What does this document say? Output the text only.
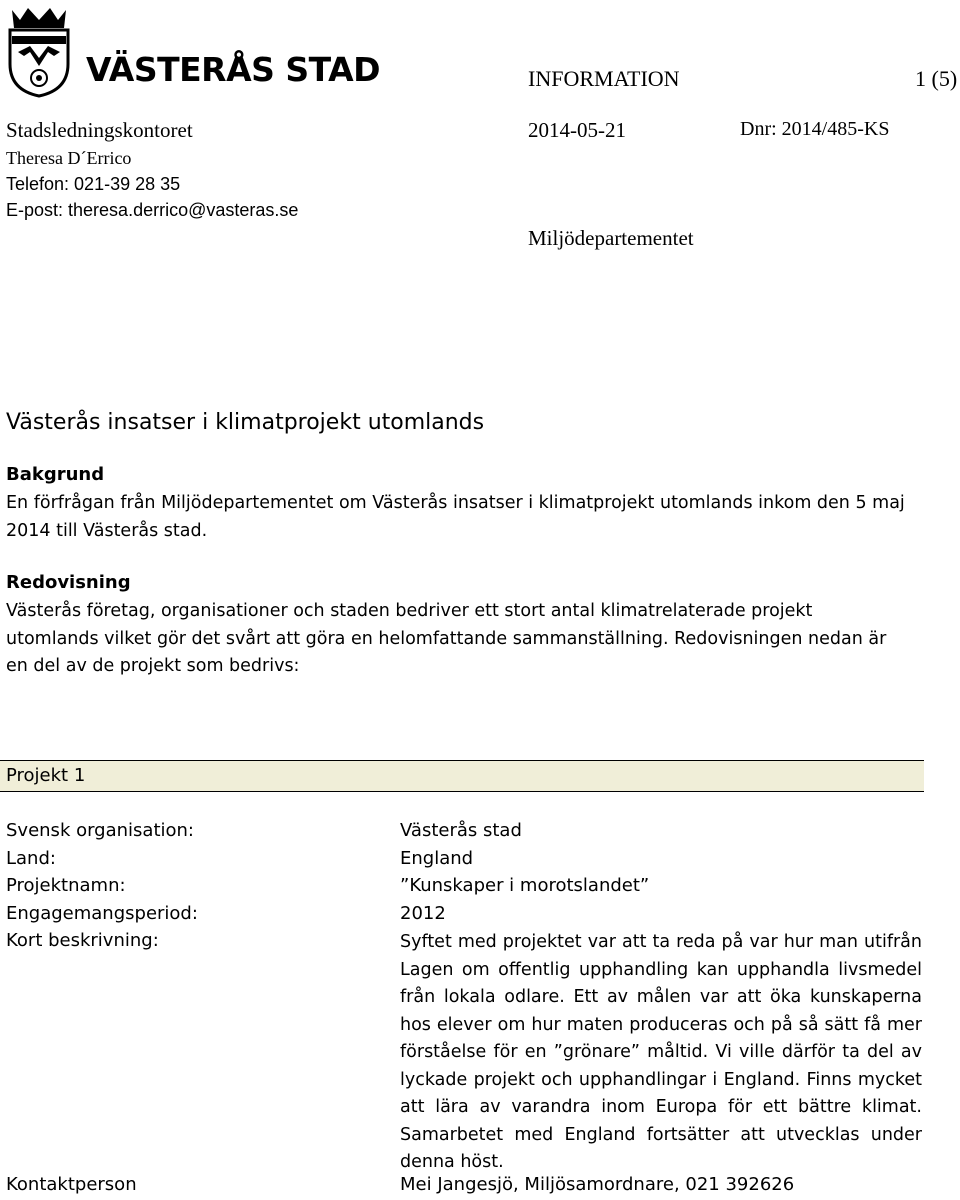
VÄSTERÅS STAD	INFORMATION	1 (5)
Stadsledningskontoret	2014-05-21	Dnr: 2014/485-KS
Theresa D´Errico
Telefon: 021-39 28 35
E-post: theresa.derrico@vasteras.se
Miljödepartementet
Västerås insatser i klimatprojekt utomlands
Bakgrund
En förfrågan från Miljödepartementet om Västerås insatser i klimatprojekt utomlands inkom den 5 maj 2014 till Västerås stad.
Redovisning
Västerås företag, organisationer och staden bedriver ett stort antal klimatrelaterade projekt utomlands vilket gör det svårt att göra en helomfattande sammanställning. Redovisningen nedan är en del av de projekt som bedrivs:
Projekt 1
Svensk organisation:	Västerås stad
Land:	England
Projektnamn:	”Kunskaper i morotslandet”
Engagemangsperiod:	2012
Kort beskrivning:	Syftet med projektet var att ta reda på var hur man utifrån Lagen om offentlig upphandling kan upphandla livsmedel från lokala odlare. Ett av målen var att öka kunskaperna hos elever om hur maten produceras och på så sätt få mer förståelse för en ”grönare” måltid. Vi ville därför ta del av lyckade projekt och upphandlingar i England. Finns mycket att lära av varandra inom Europa för ett bättre klimat. Samarbetet med England fortsätter att utvecklas under denna höst.
Kontaktperson	Mei Jangesjö, Miljösamordnare, 021 392626
